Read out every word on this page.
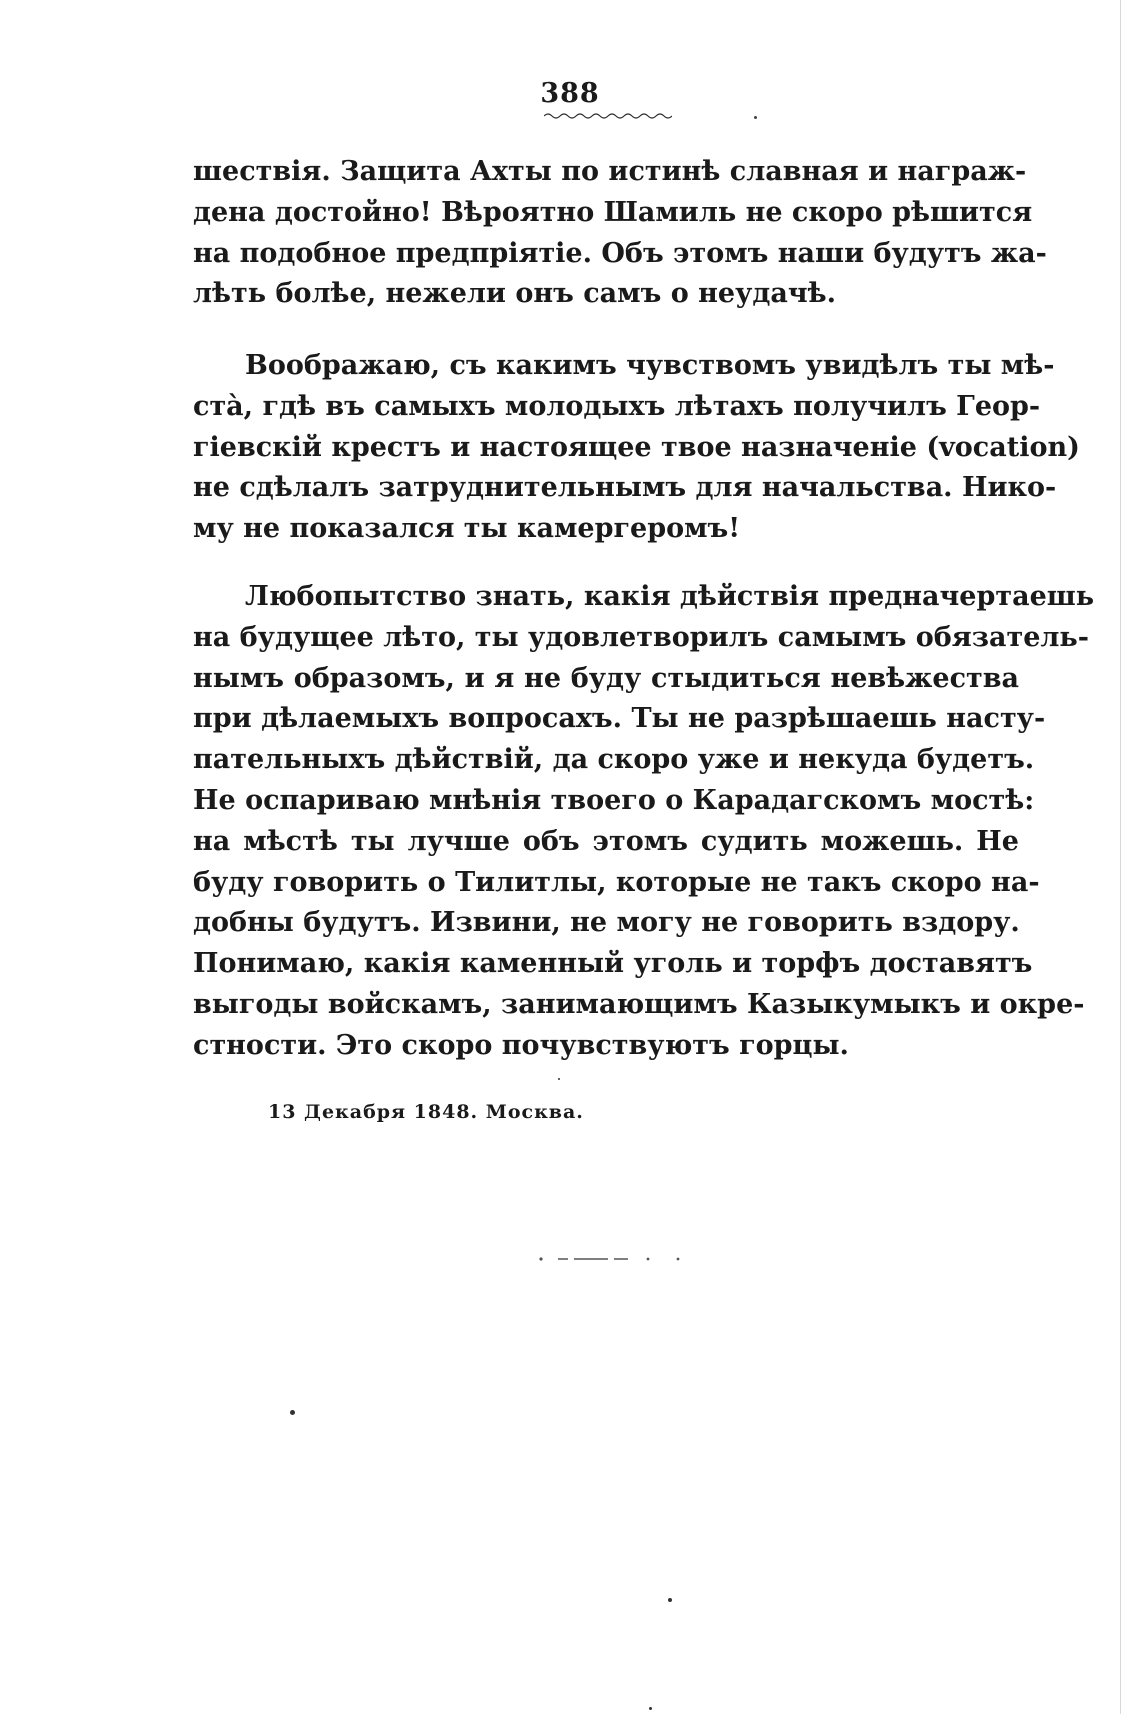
388
шествія. Защита Ахты по истинѣ славная и награж-
дена достойно! Вѣроятно Шамиль не скоро рѣшится
на подобное предпріятіе. Объ этомъ наши будутъ жа-
лѣть болѣе, нежели онъ самъ о неудачѣ.
Воображаю, съ какимъ чувствомъ увидѣлъ ты мѣ-
стà, гдѣ въ самыхъ молодыхъ лѣтахъ получилъ Геор-
гіевскій крестъ и настоящее твое назначеніе (vocation)
не сдѣлалъ затруднительнымъ для начальства. Нико-
му не показался ты камергеромъ!
Любопытство знать, какія дѣйствія предначертаешь
на будущее лѣто, ты удовлетворилъ самымъ обязатель-
нымъ образомъ, и я не буду стыдиться невѣжества
при дѣлаемыхъ вопросахъ. Ты не разрѣшаешь насту-
пательныхъ дѣйствій, да скоро уже и некуда будетъ.
Не оспариваю мнѣнія твоего о Карадагскомъ мостѣ:
на мѣстѣ ты лучше объ этомъ судить можешь. Не
буду говорить о Тилитлы, которые не такъ скоро на-
добны будутъ. Извини, не могу не говорить вздору.
Понимаю, какія каменный уголь и торфъ доставятъ
выгоды войскамъ, занимающимъ Казыкумыкъ и окре-
стности. Это скоро почувствуютъ горцы.
13 Декабря 1848. Москва.
